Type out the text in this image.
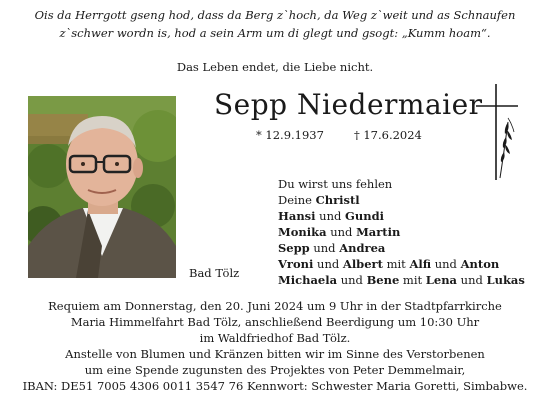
Ois da Herrgott gseng hod, dass da Berg z`hoch, da Weg z`weit und as Schnaufen
z`schwer wordn is, hod a sein Arm um di glegt und gsogt: „Kumm hoam“.
Das Leben endet, die Liebe nicht.
Bad Tölz
Sepp Niedermaier
* 12.9.1937	† 17.6.2024
Du wirst uns fehlen
Deine Christl
Hansi und Gundi
Monika und Martin
Sepp und Andrea
Vroni und Albert mit Alfi und Anton
Michaela und Bene mit Lena und Lukas
Requiem am Donnerstag, den 20. Juni 2024 um 9 Uhr in der Stadtpfarrkirche
Maria Himmelfahrt Bad Tölz, anschließend Beerdigung um 10:30 Uhr
im Waldfriedhof Bad Tölz.
Anstelle von Blumen und Kränzen bitten wir im Sinne des Verstorbenen
um eine Spende zugunsten des Projektes von Peter Demmelmair,
IBAN: DE51 7005 4306 0011 3547 76 Kennwort: Schwester Maria Goretti, Simbabwe.
